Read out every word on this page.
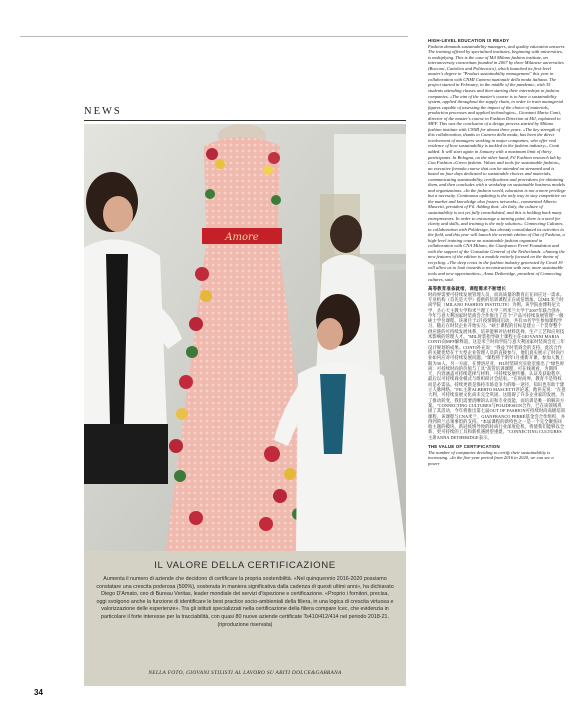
NEWS
Amore
IL VALORE DELLA CERTIFICAZIONE
Aumenta il numero di aziende che decidono di certificare la propria sostenibilità. «Nel quinquennio 2016-2020 possiamo constatare una crescita poderosa (500%), sostenuta in maniera significativa dalla cadenza di questi ultimi anni», ha dichiarato Diego D'Amato, ceo di Bureau Veritas, leader mondiale dei servizi d'ispezione e certificazione. «Proprio i fornitori, precisa, oggi svolgono anche la funzione di identificare le best practice socio-ambientali della filiera, in una logica di crescita virtuosa e valorizzazione delle esperienze». Tra gli istituti specializzati nella certificazione della filiera compare Icec, che evidenzia in particolare il forte interesse per la tracciabilità, con quasi 80 nuove aziende certificate Ts410/412/414 nel periodo 2018-21. (riproduzione riservata)
NELLA FOTO, GIOVANI STILISTI AL LAVORO SU ABITI DOLCE&GABBANA
34
HIGH-LEVEL EDUCATION IS READY
Fashion demands sustainability managers, and quality education answers. The training offered by specialized institutes, beginning with universities, is multiplying. This is the case of Mil Milano fashion institute, an interuniversity consortium founded in 2007 by three Milanese universities (Bocconi, Cattolica and Politecnico), which launched its first-level master's degree in "Product sustainability management" this year in collaboration with CNMI Camera nazionale della moda italiana. The project started in February, in the middle of the pandemic, with 35 students attending classes and then starting their internships in fashion companies. «The aim of the master's course is to have a sustainability system, applied throughout the supply chain, in order to train managerial figures capable of assessing the impact of the choice of materials, production processes and applied technologies», Giovanni Maria Conti, director of the master's course in Fashion Direction at Mil, explained to MFF. This was the conclusion of a design process started by Milano fashion institute with CNMI for almost three years. «The key strength of this collaboration, thanks to Camera della moda, has been the direct involvement of managers working in major companies, who offer real evidence of how sustainability is tackled in the fashion industry», Conti added. It will start again in January with a maximum limit of thirty participants. In Bologna, on the other hand, Fil Fashion research lab by Cna Fashion «Green fashion. Values and tools for sustainable fashion», an executive formula course that can be attended on streamed and is based on four days dedicated to sustainable choices and materials, communicating sustainability, certifications and procedures for obtaining them, and then concludes with a workshop on sustainable business models and organizations. «In the fashion world, education is not a mere privilege but a necessity. Continuous updating is the only way to stay competitive on the market and knowledge also fosters networks», commented Alberto Mascetti, president of Fil. Adding that: «In Italy, the culture of sustainability is not yet fully consolidated, and this is holding back many entrepreneurs. In order to encourage a turning point, there is a need for clarity and skills, and training is the only solution». Connecting Cultures, in collaboration with Polidesign, has already consolidated its activities in the field, and this year will launch the seventh edition of Out of Fashion, a high-level training course on sustainable fashion organized in collaboration with CNA Milano, the Gianfranco Ferré Foundation and with the support of the Consulate General of the Netherlands. «Among the new features of the edition is a module entirely focused on the theme of recycling. «The deep crisis in the fashion industry generated by Covid 19 will allow us to look towards a reconstruction with new, more sustainable tools and new opportunities», Anna Detheridge, president of Connecting cultures, said.
高等教育准备就绪，课程需求不断增长
时尚界需要可持续发展管理人员，而高质量的教育正在回应这一需求。专业机构（首先是大学）提供的培训课程正在成倍增加。以MIL米兰时尚学院（MILANO FASHION INSTITUTE）为例，该学院由博科尼大学、圣心天主教大学和米兰理工大学三所米兰大学于2007年联合创办，今年与意大利国家时装商会合作推出了首个"产品可持续发展管理"一级硕士学位课程。该项目于2月疫情期间启动，共有35名学生参加课程学习，随后在时装企业开始实习。"硕士课程的目标是建立一个贯穿整个供应链的可持续发展体系，培养能够评估材料选择、生产工艺和应用技术影响的管理人才。"MIL时装指导硕士课程主任GIOVANNI MARIA CONTI向MFF解释道。这是米兰时尚学院与意大利国家时装商会近三年设计规划的成果。CONTI补充说："得益于时装商会的支持，此次合作的关键优势在于大型企业管理人员的直接参与，他们真实展示了时尚行业如何应对可持续发展问题。"课程将于明年1月重新开课，参加人数上限为30人。另一方面，在博洛尼亚，FIL时装研究实验室推出了"绿色时尚：可持续时尚的价值与工具"高管培训课程，可在线观看，为期四天，内容涵盖可持续选择与材料、可持续发展传播、认证及获取程序，最后以可持续商业模式与组织研讨会结束。"在时尚界，教育不是特权而是必需品。持续更新是保持市场竞争力的唯一途径，知识也有助于建立人脉网络。"FIL主席ALBERTO MASCETTI评论道。他补充说："在意大利，可持续发展文化尚未完全巩固，这阻碍了许多企业家的发展。为了推动转变，我们需要清晰的认识和专业技能，而培训是唯一的解决方案。"CONNECTING CULTURES与POLIDESIGN合作，已在该领域巩固了其活动，今年将推出第七届OUT OF FASHION可持续时尚高级培训课程，该课程与CNA米兰、GIANFRANCO FERRÉ基金会合作组织，并得到荷兰总领事馆的支持。"本届课程的新特色之一是一个完全聚焦回收主题的模块。新冠疫情导致的时尚行业深度危机，将使我们能够以全新、更可持续的工具和新机遇展望重建。"CONNECTING CULTURES主席ANNA DETHERIDGE表示。
THE VALUE OF CERTIFICATION
The number of companies deciding to certify their sustainability is increasing. «In the five-year period from 2016 to 2020, we can see a power
